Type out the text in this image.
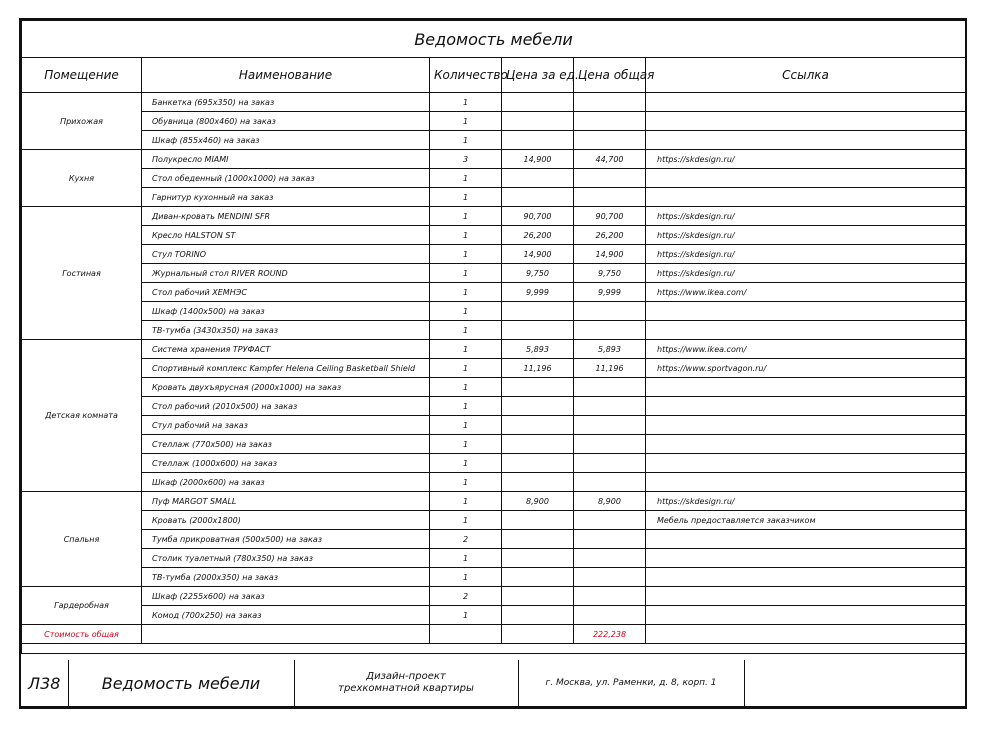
Ведомость мебели					
Помещение	Наименование	Количество	Цена за ед.	Цена общая	Ссылка
Прихожая	Банкетка (695х350) на заказ	1			
	Обувница (800х460) на заказ	1			
	Шкаф (855х460) на заказ	1			
Кухня	Полукресло MIAMI	3	14,900	44,700	https://skdesign.ru/
	Стол обеденный (1000х1000) на заказ	1			
	Гарнитур кухонный на заказ	1			
Гостиная	Диван-кровать MENDINI SFR	1	90,700	90,700	https://skdesign.ru/
	Кресло HALSTON ST	1	26,200	26,200	https://skdesign.ru/
	Стул TORINO	1	14,900	14,900	https://skdesign.ru/
	Журнальный стол RIVER ROUND	1	9,750	9,750	https://skdesign.ru/
	Стол рабочий ХЕМНЭС	1	9,999	9,999	https://www.ikea.com/
	Шкаф (1400х500) на заказ	1			
	ТВ-тумба (3430х350) на заказ	1			
Детская комната	Система хранения ТРУФАСТ	1	5,893	5,893	https://www.ikea.com/
	Спортивный комплекс Kampfer Helena Ceiling Basketball Shield	1	11,196	11,196	https://www.sportvagon.ru/
	Кровать двухъярусная (2000х1000) на заказ	1			
	Стол рабочий (2010х500) на заказ	1			
	Стул рабочий на заказ	1			
	Стеллаж (770х500) на заказ	1			
	Стеллаж (1000х600) на заказ	1			
	Шкаф (2000х600) на заказ	1			
Спальня	Пуф MARGOT SMALL	1	8,900	8,900	https://skdesign.ru/
	Кровать (2000х1800)	1			Мебель предоставляется заказчиком
	Тумба прикроватная (500х500) на заказ	2			
	Столик туалетный (780х350) на заказ	1			
	ТВ-тумба (2000х350) на заказ	1			
Гардеробная	Шкаф (2255х600) на заказ	2			
	Комод (700х250) на заказ	1			
Стоимость общая				222,238	

Л38	Ведомость мебели	Дизайн-проект
трехкомнатной квартиры	г. Москва, ул. Раменки, д. 8, корп. 1	
